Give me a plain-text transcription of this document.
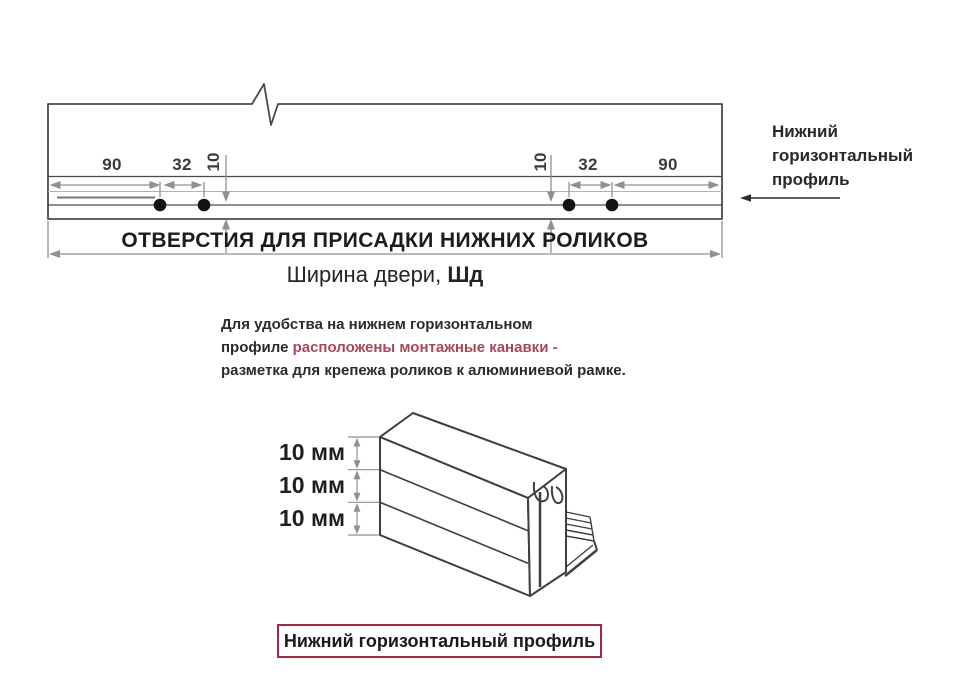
90	32 10	10	32	90
ОТВЕРСТИЯ ДЛЯ ПРИСАДКИ НИЖНИХ РОЛИКОВ
Ширина двери, Шд
Нижний горизонтальный профиль
Для удобства на нижнем горизонтальном
профиле расположены монтажные канавки -
разметка для крепежа роликов к алюминиевой рамке.
10 мм
10 мм
10 мм
Нижний горизонтальный профиль
